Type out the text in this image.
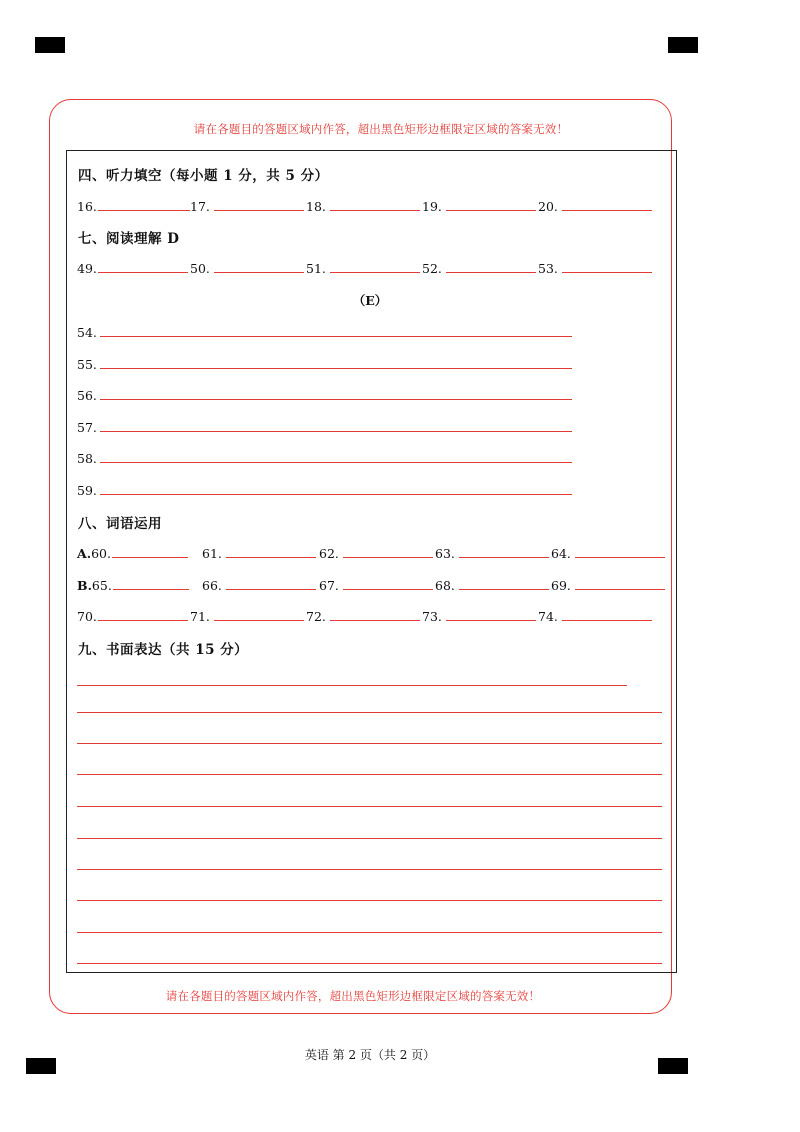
请在各题目的答题区域内作答，超出黑色矩形边框限定区域的答案无效！
请在各题目的答题区域内作答，超出黑色矩形边框限定区域的答案无效！
四、听力填空（每小题 1 分，共 5 分）
16.	17.	18.	19.	20.
七、阅读理解 D
49.	50.	51.	52.	53.
（E）
54.
55.
56.
57.
58.
59.
八、词语运用
A.60.	61.	62.	63.	64.
B.65.	66.	67.	68.	69.
70.	71.	72.	73.	74.
九、书面表达（共 15 分）
英语 第 2 页（共 2 页）
